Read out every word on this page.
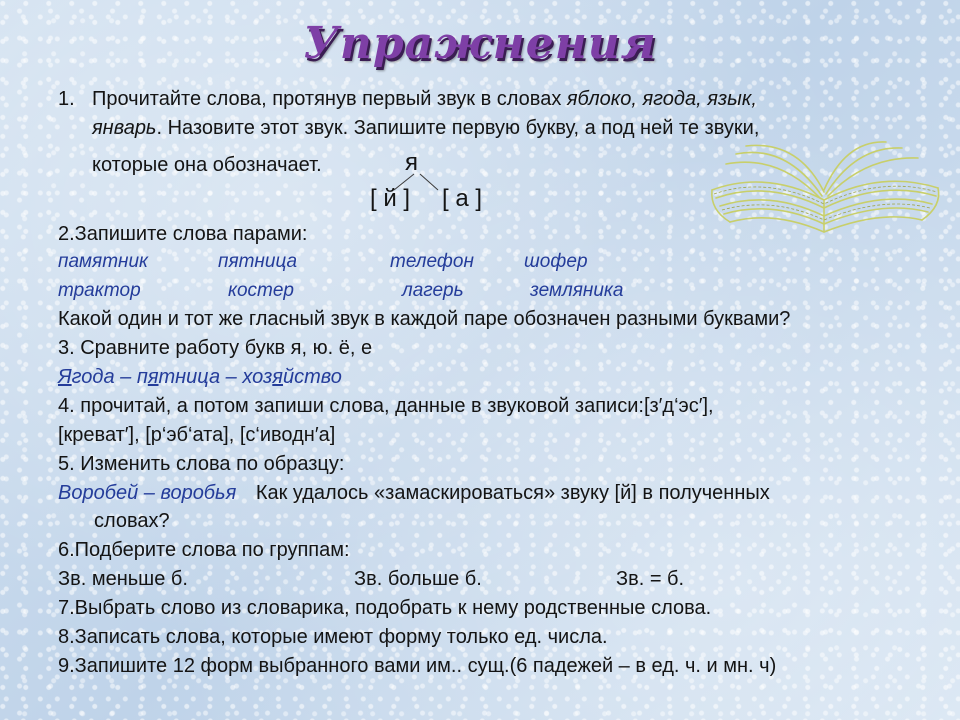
Упражнения
1. Прочитайте слова, протянув первый звук в словах яблоко, ягода, язык,
январь. Назовите этот звук. Запишите первую букву, а под ней те звуки,
которые она обозначает.	я
[ й ] [ а ]
2.Запишите слова парами:
памятник	пятница	телефон	шофер
трактор	костер	лагерь	земляника
Какой один и тот же гласный звук в каждой паре обозначен разными буквами?
3. Сравните работу букв я, ю. ё, е
Ягода – пятница – хозяйство
4. прочитай, а потом запиши слова, данные в звуковой записи:[з′д‘эс′],
[креват′], [р‘эб‘ата], [с‘иводн′а]
5. Изменить слова по образцу:
Воробей – воробья Как удалось «замаскироваться» звуку [й] в полученных
словах?
6.Подберите слова по группам:
Зв. меньше б.	Зв. больше б.	Зв. = б.
7.Выбрать слово из словарика, подобрать к нему родственные слова.
8.Записать слова, которые имеют форму только ед. числа.
9.Запишите 12 форм выбранного вами им.. сущ.(6 падежей – в ед. ч. и мн. ч)
